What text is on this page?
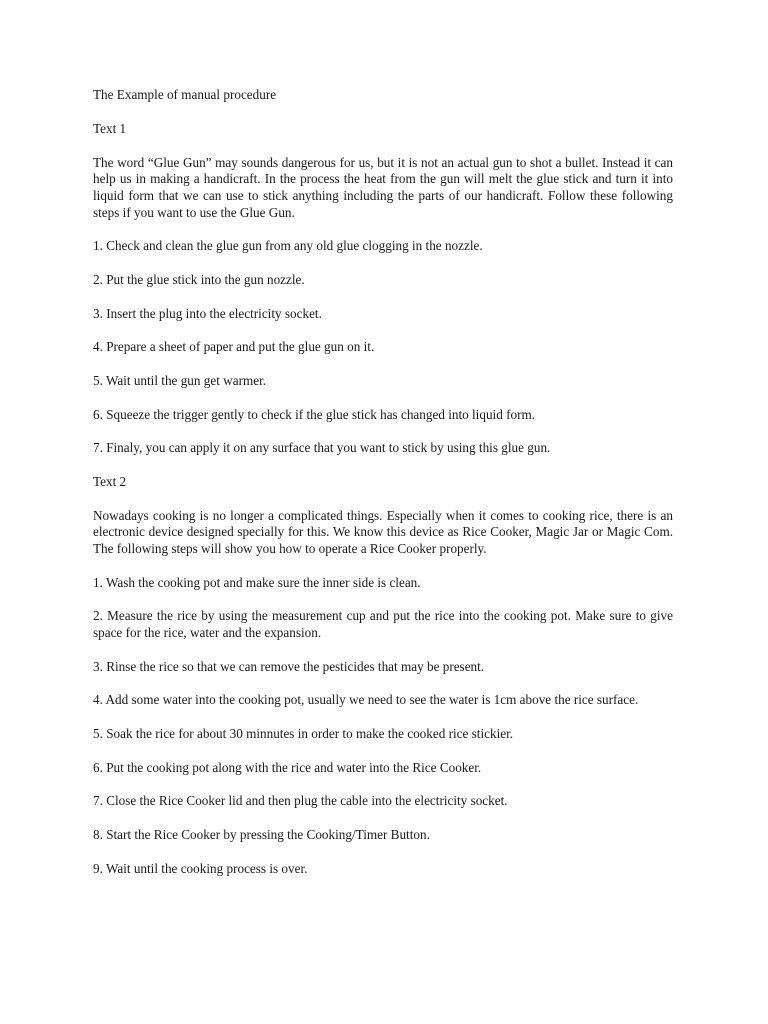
The Example of manual procedure

Text 1

The word “Glue Gun” may sounds dangerous for us, but it is not an actual gun to shot a bullet. Instead it can help us in making a handicraft. In the process the heat from the gun will melt the glue stick and turn it into liquid form that we can use to stick anything including the parts of our handicraft. Follow these following steps if you want to use the Glue Gun.

1. Check and clean the glue gun from any old glue clogging in the nozzle.

2. Put the glue stick into the gun nozzle.

3. Insert the plug into the electricity socket.

4. Prepare a sheet of paper and put the glue gun on it.

5. Wait until the gun get warmer.

6. Squeeze the trigger gently to check if the glue stick has changed into liquid form.

7. Finaly, you can apply it on any surface that you want to stick by using this glue gun.

Text 2

Nowadays cooking is no longer a complicated things. Especially when it comes to cooking rice, there is an electronic device designed specially for this. We know this device as Rice Cooker, Magic Jar or Magic Com. The following steps will show you how to operate a Rice Cooker properly.

1. Wash the cooking pot and make sure the inner side is clean.

2. Measure the rice by using the measurement cup and put the rice into the cooking pot. Make sure to give space for the rice, water and the expansion.

3. Rinse the rice so that we can remove the pesticides that may be present.

4. Add some water into the cooking pot, usually we need to see the water is 1cm above the rice surface.

5. Soak the rice for about 30 minnutes in order to make the cooked rice stickier.

6. Put the cooking pot along with the rice and water into the Rice Cooker.

7. Close the Rice Cooker lid and then plug the cable into the electricity socket.

8. Start the Rice Cooker by pressing the Cooking/Timer Button.

9. Wait until the cooking process is over.
